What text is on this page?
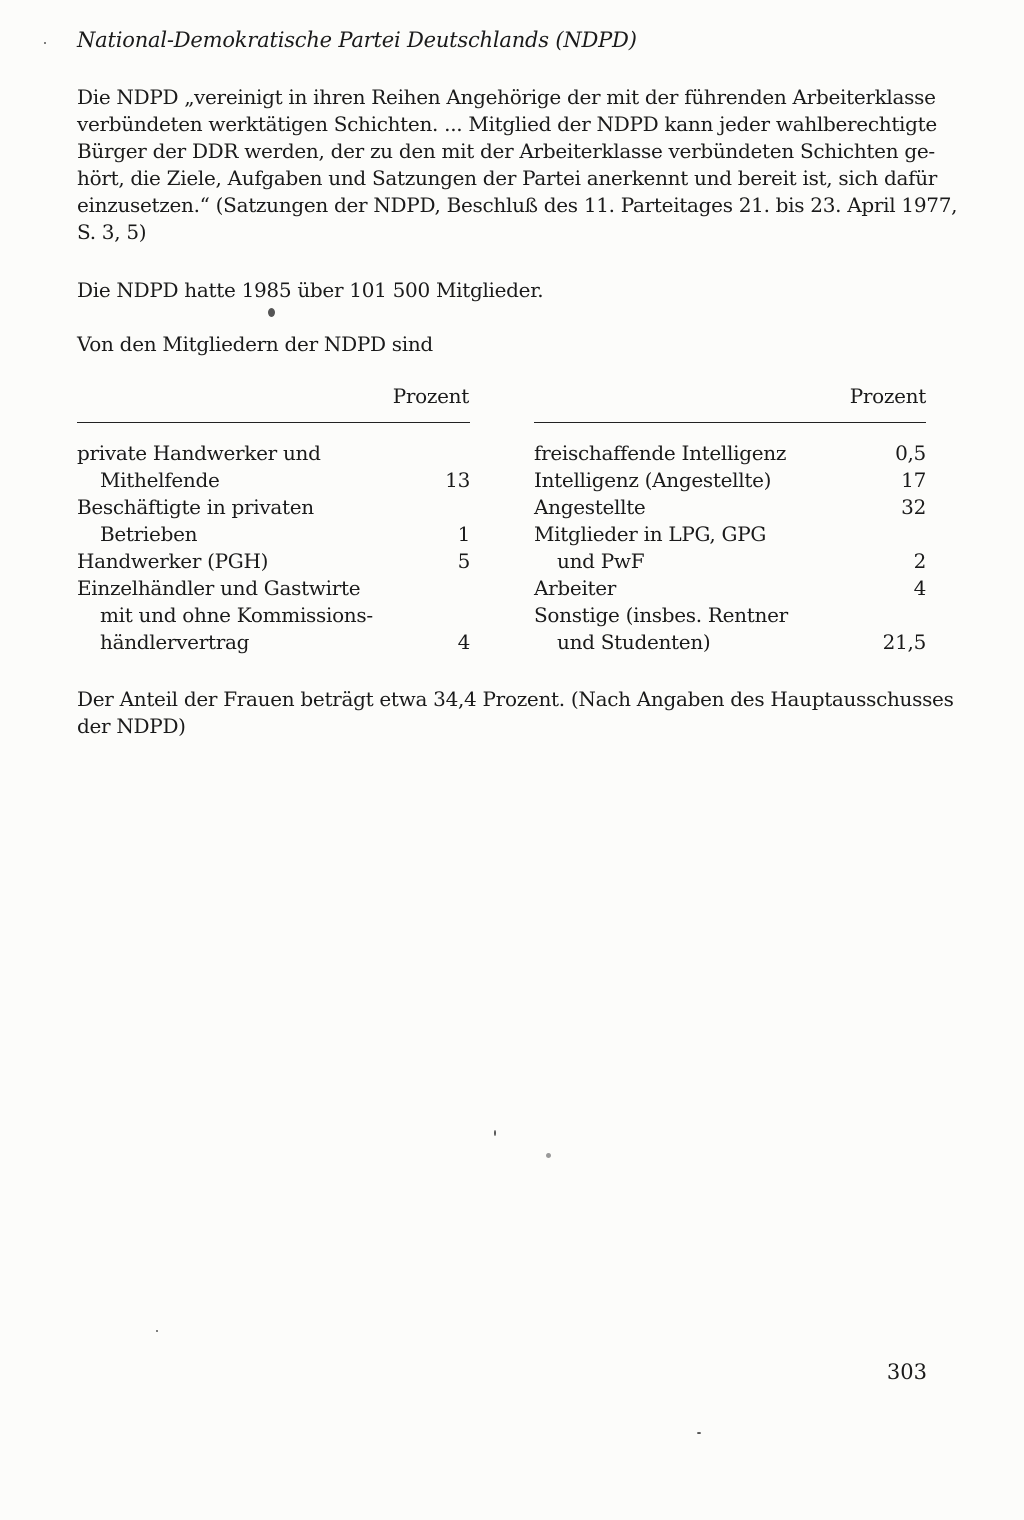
National-Demokratische Partei Deutschlands (NDPD)
Die NDPD „vereinigt in ihren Reihen Angehörige der mit der führenden Arbeiterklasse
verbündeten werktätigen Schichten. ... Mitglied der NDPD kann jeder wahlberechtigte
Bürger der DDR werden, der zu den mit der Arbeiterklasse verbündeten Schichten ge-
hört, die Ziele, Aufgaben und Satzungen der Partei anerkennt und bereit ist, sich dafür
einzusetzen.“ (Satzungen der NDPD, Beschluß des 11. Parteitages 21. bis 23. April 1977,
S. 3, 5)
Die NDPD hatte 1985 über 101 500 Mitglieder.
Von den Mitgliedern der NDPD sind
Prozent	Prozent
private Handwerker und
Mithelfende	13
Beschäftigte in privaten
Betrieben	1
Handwerker (PGH)	5
Einzelhändler und Gastwirte
mit und ohne Kommissions-
händlervertrag	4
freischaffende Intelligenz	0,5
Intelligenz (Angestellte)	17
Angestellte	32
Mitglieder in LPG, GPG
und PwF	2
Arbeiter	4
Sonstige (insbes. Rentner
und Studenten)	21,5
Der Anteil der Frauen beträgt etwa 34,4 Prozent. (Nach Angaben des Hauptausschusses
der NDPD)
303
